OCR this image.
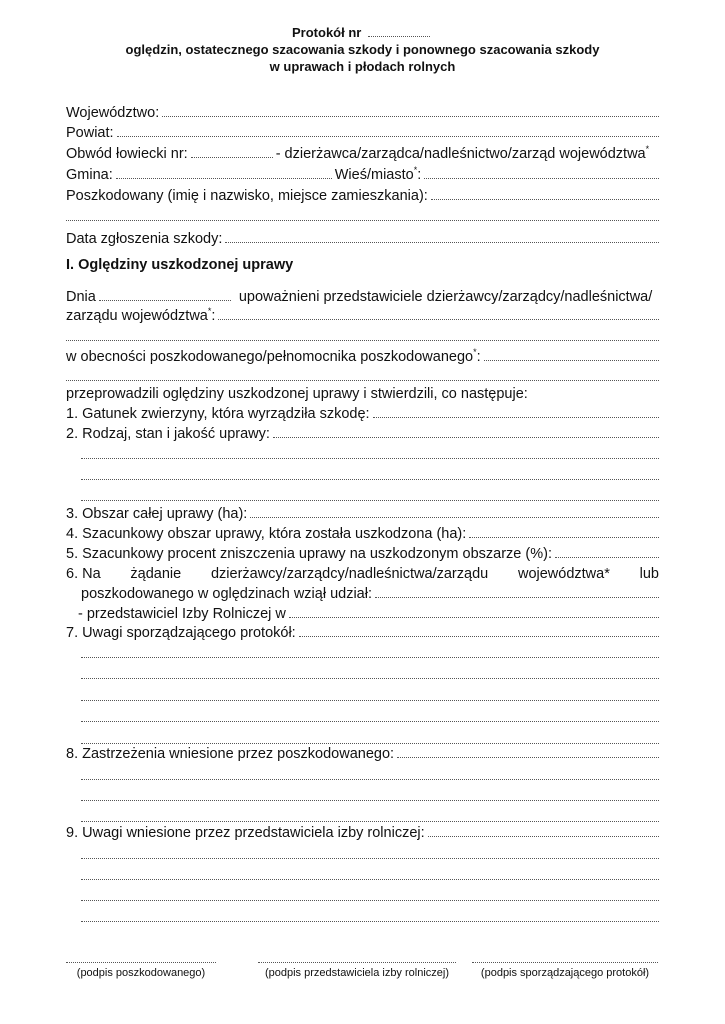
Protokół nr
oględzin, ostatecznego szacowania szkody i ponownego szacowania szkody
w uprawach i płodach rolnych
Województwo:
Powiat:
Obwód łowiecki nr:	- dzierżawca/zarządca/nadleśnictwo/zarząd województwa *
Gmina:	Wieś/miasto * :
Poszkodowany (imię i nazwisko, miejsce zamieszkania):
Data zgłoszenia szkody:
I. Oględziny uszkodzonej uprawy
Dnia	upoważnieni przedstawiciele dzierżawcy/zarządcy/nadleśnictwa/
zarządu województwa * :
w obecności poszkodowanego/pełnomocnika poszkodowanego * :
przeprowadzili oględziny uszkodzonej uprawy i stwierdzili, co następuje:
1. Gatunek zwierzyny, która wyrządziła szkodę:
2. Rodzaj, stan i jakość uprawy:
3. Obszar całej uprawy (ha):
4. Szacunkowy obszar uprawy, która została uszkodzona (ha):
5. Szacunkowy procent zniszczenia uprawy na uszkodzonym obszarze (%):
6. Na żądanie dzierżawcy/zarządcy/nadleśnictwa/zarządu województwa* lub
poszkodowanego w oględzinach wziął udział:
- przedstawiciel Izby Rolniczej w
7. Uwagi sporządzającego protokół:
8. Zastrzeżenia wniesione przez poszkodowanego:
9. Uwagi wniesione przez przedstawiciela izby rolniczej:
(podpis poszkodowanego)	(podpis przedstawiciela izby rolniczej)	(podpis sporządzającego protokół)
